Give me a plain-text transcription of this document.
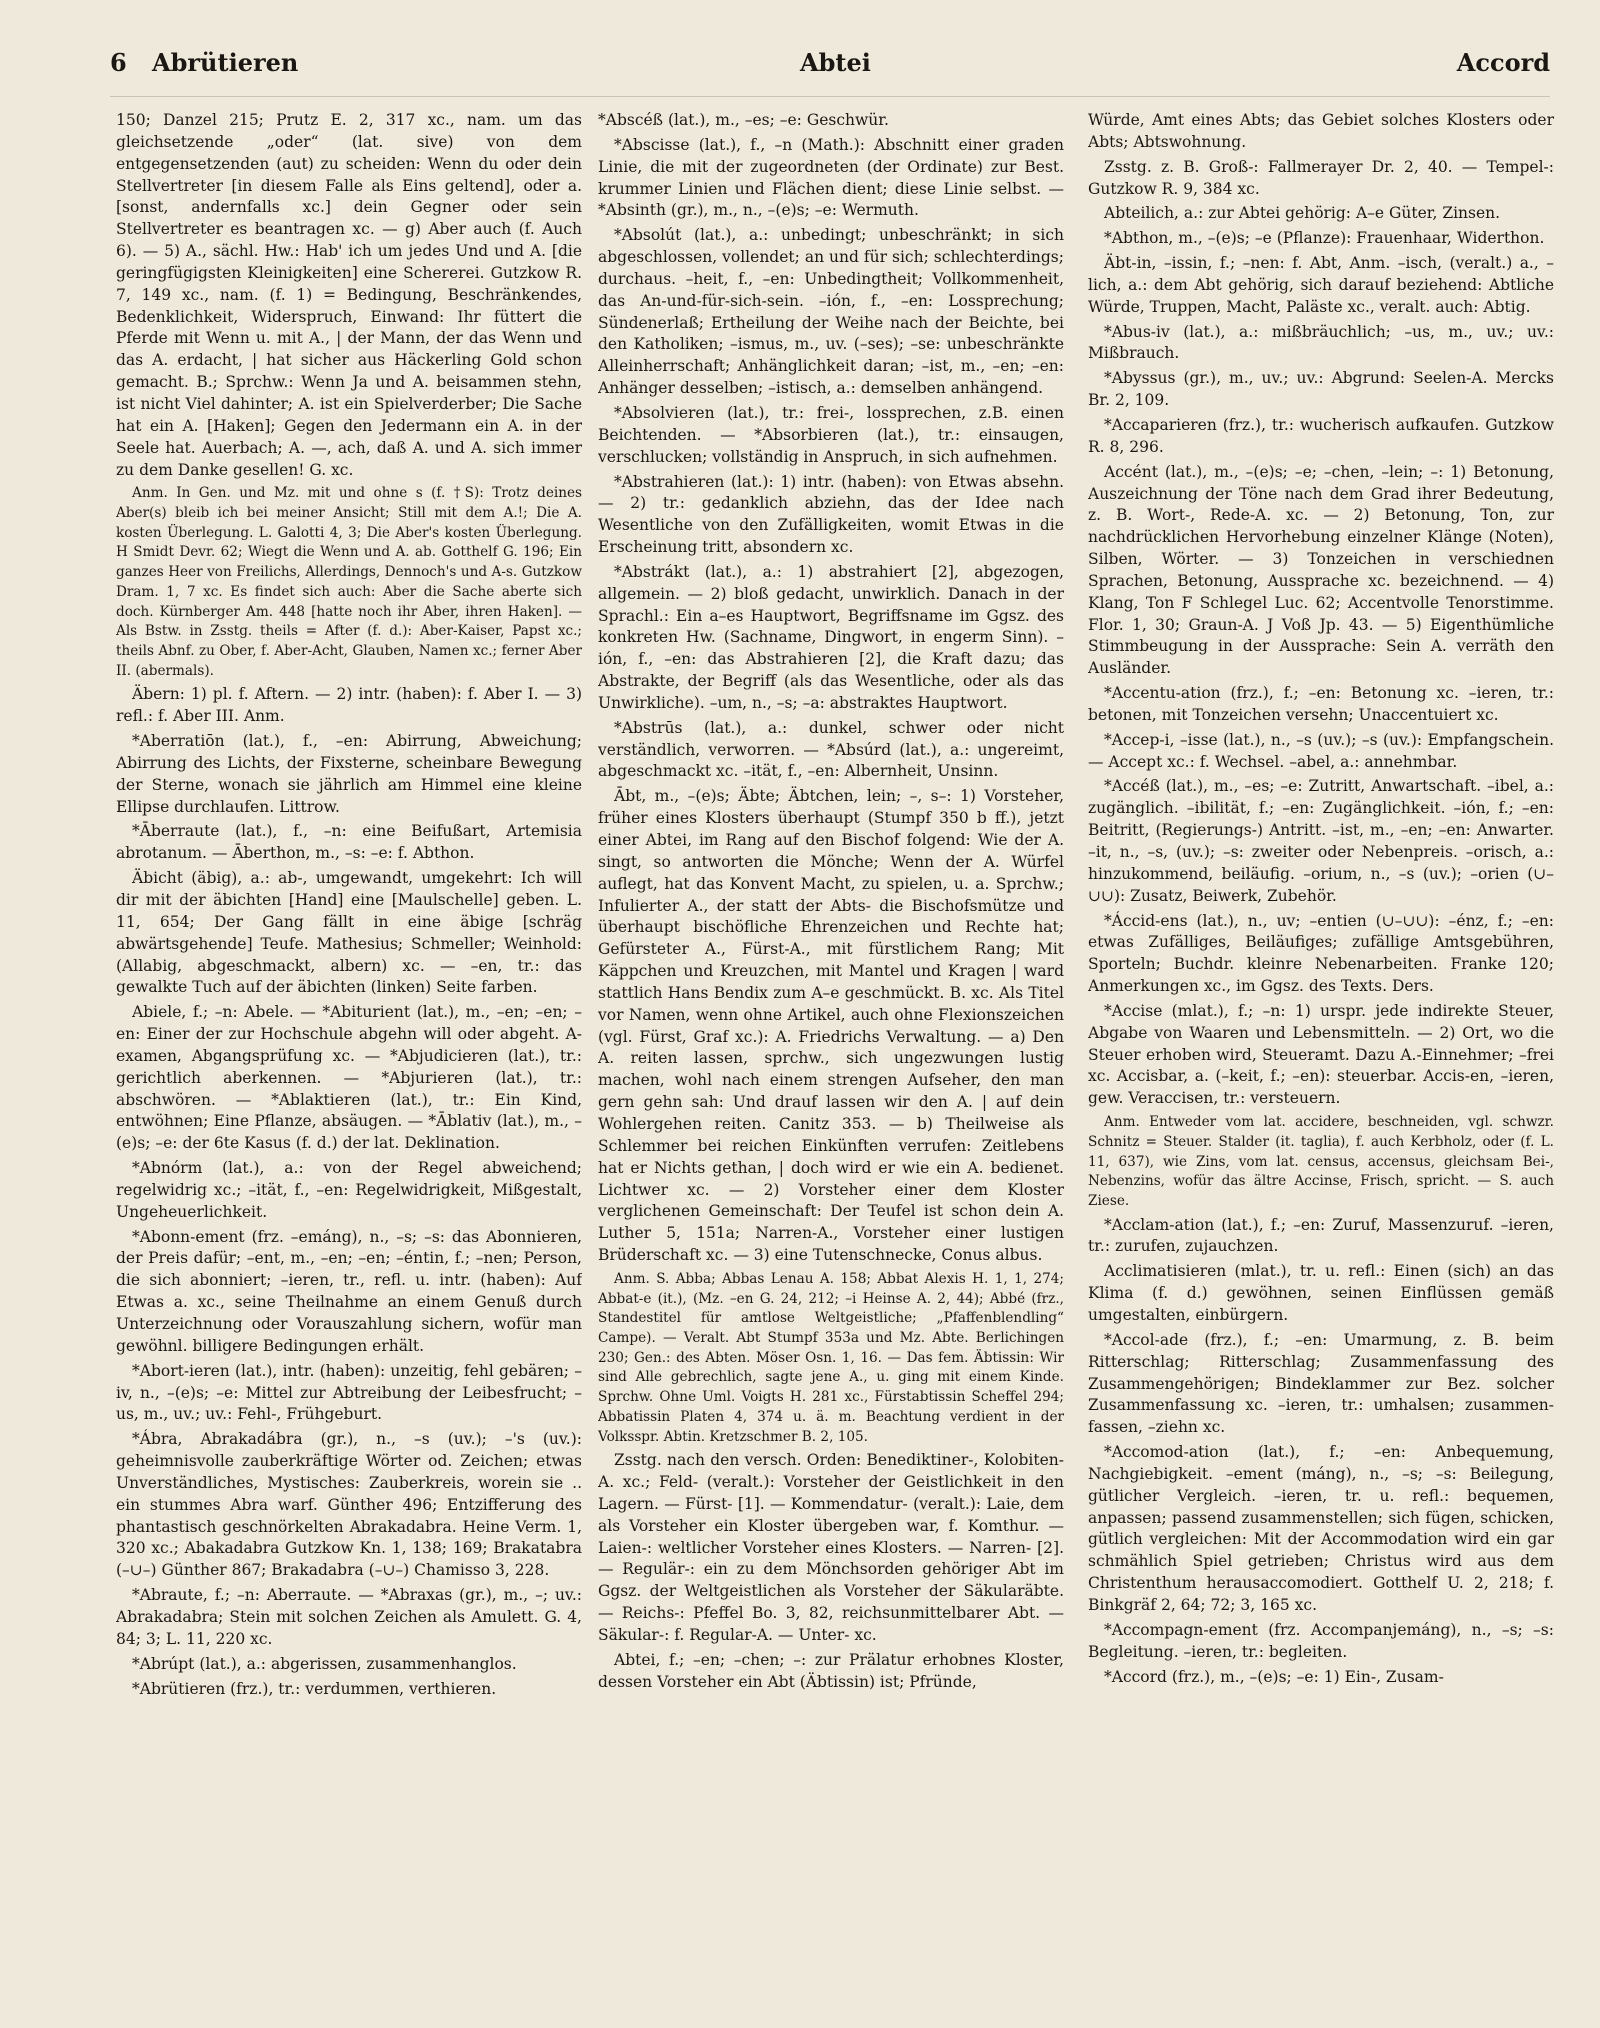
6 Abrütieren	Abtei	Accord

150; Danzel 215; Prutz E. 2, 317 xc., nam. um das gleichsetzende „oder“ (lat. sive) von dem entgegensetzenden (aut) zu scheiden: Wenn du oder dein Stellvertreter [in diesem Falle als Eins geltend], oder a. [sonst, andernfalls xc.] dein Gegner oder sein Stellvertreter es beantragen xc. — g) Aber auch (f. Auch 6). — 5) A., sächl. Hw.: Hab' ich um jedes Und und A. [die geringfügigsten Kleinigkeiten] eine Schererei. Gutzkow R. 7, 149 xc., nam. (f. 1) = Bedingung, Beschränkendes, Bedenklichkeit, Widerspruch, Einwand: Ihr füttert die Pferde mit Wenn u. mit A., | der Mann, der das Wenn und das A. erdacht, | hat sicher aus Häckerling Gold schon gemacht. B.; Sprchw.: Wenn Ja und A. beisammen stehn, ist nicht Viel dahinter; A. ist ein Spielverderber; Die Sache hat ein A. [Haken]; Gegen den Jedermann ein A. in der Seele hat. Auerbach; A. —, ach, daß A. und A. sich immer zu dem Danke gesellen! G. xc.

Anm. In Gen. und Mz. mit und ohne s (f. †S): Trotz deines Aber(s) bleib ich bei meiner Ansicht; Still mit dem A.!; Die A. kosten Überlegung. L. Galotti 4, 3; Die Aber's kosten Überlegung. H Smidt Devr. 62; Wiegt die Wenn und A. ab. Gotthelf G. 196; Ein ganzes Heer von Freilichs, Allerdings, Dennoch's und A-s. Gutzkow Dram. 1, 7 xc. Es findet sich auch: Aber die Sache aberte sich doch. Kürnberger Am. 448 [hatte noch ihr Aber, ihren Haken]. — Als Bstw. in Zsstg. theils = After (f. d.): Aber-Kaiser, Papst xc.; theils Abnf. zu Ober, f. Aber-Acht, Glauben, Namen xc.; ferner Aber II. (abermals).

Äbern: 1) pl. f. Aftern. — 2) intr. (haben): f. Aber I. — 3) refl.: f. Aber III. Anm.

*Aberratiōn (lat.), f., –en: Abirrung, Abweichung; Abirrung des Lichts, der Fixsterne, scheinbare Bewegung der Sterne, wonach sie jährlich am Himmel eine kleine Ellipse durchlaufen. Littrow.

*Āberraute (lat.), f., –n: eine Beifußart, Artemisia abrotanum. — Āberthon, m., –s: –e: f. Abthon.

Äbicht (äbig), a.: ab-, umgewandt, umgekehrt: Ich will dir mit der äbichten [Hand] eine [Maulschelle] geben. L. 11, 654; Der Gang fällt in eine äbige [schräg abwärtsgehende] Teufe. Mathesius; Schmeller; Weinhold: (Allabig, abgeschmackt, albern) xc. — –en, tr.: das gewalkte Tuch auf der äbichten (linken) Seite farben.

Abiele, f.; –n: Abele. — *Abiturient (lat.), m., –en; –en; –en: Einer der zur Hochschule abgehn will oder abgeht. A-examen, Abgangsprüfung xc. — *Abjudicieren (lat.), tr.: gerichtlich aberkennen. — *Abjurieren (lat.), tr.: abschwören. — *Ablaktieren (lat.), tr.: Ein Kind, entwöhnen; Eine Pflanze, absäugen. — *Āblativ (lat.), m., –(e)s; –e: der 6te Kasus (f. d.) der lat. Deklination.

*Abnórm (lat.), a.: von der Regel abweichend; regelwidrig xc.; –ität, f., –en: Regelwidrigkeit, Mißgestalt, Ungeheuerlichkeit.

*Abonn-ement (frz. –emáng), n., –s; –s: das Abonnieren, der Preis dafür; –ent, m., –en; –en; –éntin, f.; –nen; Person, die sich abonniert; –ieren, tr., refl. u. intr. (haben): Auf Etwas a. xc., seine Theilnahme an einem Genuß durch Unterzeichnung oder Vorauszahlung sichern, wofür man gewöhnl. billigere Bedingungen erhält.

*Abort-ieren (lat.), intr. (haben): unzeitig, fehl gebären; –iv, n., –(e)s; –e: Mittel zur Abtreibung der Leibesfrucht; –us, m., uv.; uv.: Fehl-, Frühgeburt.

*Ábra, Abrakadábra (gr.), n., –s (uv.); –'s (uv.): geheimnisvolle zauberkräftige Wörter od. Zeichen; etwas Unverständliches, Mystisches: Zauberkreis, worein sie .. ein stummes Abra warf. Günther 496; Entzifferung des phantastisch geschnörkelten Abrakadabra. Heine Verm. 1, 320 xc.; Abakadabra Gutzkow Kn. 1, 138; 169; Brakatabra (–∪–) Günther 867; Brakadabra (–∪–) Chamisso 3, 228.

*Abraute, f.; –n: Aberraute. — *Abraxas (gr.), m., –; uv.: Abrakadabra; Stein mit solchen Zeichen als Amulett. G. 4, 84; 3; L. 11, 220 xc.

*Abrúpt (lat.), a.: abgerissen, zusammenhanglos.

*Abrütieren (frz.), tr.: verdummen, verthieren.

*Abscéß (lat.), m., –es; –e: Geschwür.

*Abscisse (lat.), f., –n (Math.): Abschnitt einer graden Linie, die mit der zugeordneten (der Ordinate) zur Best. krummer Linien und Flächen dient; diese Linie selbst. — *Absinth (gr.), m., n., –(e)s; –e: Wermuth.

*Absolút (lat.), a.: unbedingt; unbeschränkt; in sich abgeschlossen, vollendet; an und für sich; schlechterdings; durchaus. –heit, f., –en: Unbedingtheit; Vollkommenheit, das An-und-für-sich-sein. –ión, f., –en: Lossprechung; Sündenerlaß; Ertheilung der Weihe nach der Beichte, bei den Katholiken; –ismus, m., uv. (–ses); –se: unbeschränkte Alleinherrschaft; Anhänglichkeit daran; –ist, m., –en; –en: Anhänger desselben; –istisch, a.: demselben anhängend.

*Absolvieren (lat.), tr.: frei-, lossprechen, z.B. einen Beichtenden. — *Absorbieren (lat.), tr.: einsaugen, verschlucken; vollständig in Anspruch, in sich aufnehmen.

*Abstrahieren (lat.): 1) intr. (haben): von Etwas absehn. — 2) tr.: gedanklich abziehn, das der Idee nach Wesentliche von den Zufälligkeiten, womit Etwas in die Erscheinung tritt, absondern xc.

*Abstrákt (lat.), a.: 1) abstrahiert [2], abgezogen, allgemein. — 2) bloß gedacht, unwirklich. Danach in der Sprachl.: Ein a–es Hauptwort, Begriffsname im Ggsz. des konkreten Hw. (Sachname, Dingwort, in engerm Sinn). –ión, f., –en: das Abstrahieren [2], die Kraft dazu; das Abstrakte, der Begriff (als das Wesentliche, oder als das Unwirkliche). –um, n., –s; –a: abstraktes Hauptwort.

*Abstrūs (lat.), a.: dunkel, schwer oder nicht verständlich, verworren. — *Absúrd (lat.), a.: ungereimt, abgeschmackt xc. –ität, f., –en: Albernheit, Unsinn.

Ābt, m., –(e)s; Äbte; Äbtchen, lein; –, s–: 1) Vorsteher, früher eines Klosters überhaupt (Stumpf 350 b ff.), jetzt einer Abtei, im Rang auf den Bischof folgend: Wie der A. singt, so antworten die Mönche; Wenn der A. Würfel auflegt, hat das Konvent Macht, zu spielen, u. a. Sprchw.; Infulierter A., der statt der Abts- die Bischofsmütze und überhaupt bischöfliche Ehrenzeichen und Rechte hat; Gefürsteter A., Fürst-A., mit fürstlichem Rang; Mit Käppchen und Kreuzchen, mit Mantel und Kragen | ward stattlich Hans Bendix zum A–e geschmückt. B. xc. Als Titel vor Namen, wenn ohne Artikel, auch ohne Flexionszeichen (vgl. Fürst, Graf xc.): A. Friedrichs Verwaltung. — a) Den A. reiten lassen, sprchw., sich ungezwungen lustig machen, wohl nach einem strengen Aufseher, den man gern gehn sah: Und drauf lassen wir den A. | auf dein Wohlergehen reiten. Canitz 353. — b) Theilweise als Schlemmer bei reichen Einkünften verrufen: Zeitlebens hat er Nichts gethan, | doch wird er wie ein A. bedienet. Lichtwer xc. — 2) Vorsteher einer dem Kloster verglichenen Gemeinschaft: Der Teufel ist schon dein A. Luther 5, 151a; Narren-A., Vorsteher einer lustigen Brüderschaft xc. — 3) eine Tutenschnecke, Conus albus.

Anm. S. Abba; Abbas Lenau A. 158; Abbat Alexis H. 1, 1, 274; Abbat-e (it.), (Mz. –en G. 24, 212; –i Heinse A. 2, 44); Abbé (frz., Standestitel für amtlose Weltgeistliche; „Pfaffenblendling“ Campe). — Veralt. Abt Stumpf 353a und Mz. Abte. Berlichingen 230; Gen.: des Abten. Möser Osn. 1, 16. — Das fem. Äbtissin: Wir sind Alle gebrechlich, sagte jene A., u. ging mit einem Kinde. Sprchw. Ohne Uml. Voigts H. 281 xc., Fürstabtissin Scheffel 294; Abbatissin Platen 4, 374 u. ä. m. Beachtung verdient in der Volksspr. Abtin. Kretzschmer B. 2, 105.

Zsstg. nach den versch. Orden: Benediktiner-, Kolobiten-A. xc.; Feld- (veralt.): Vorsteher der Geistlichkeit in den Lagern. — Fürst- [1]. — Kommendatur- (veralt.): Laie, dem als Vorsteher ein Kloster übergeben war, f. Komthur. — Laien-: weltlicher Vorsteher eines Klosters. — Narren- [2]. — Regulär-: ein zu dem Mönchsorden gehöriger Abt im Ggsz. der Weltgeistlichen als Vorsteher der Säkularäbte. — Reichs-: Pfeffel Bo. 3, 82, reichsunmittelbarer Abt. — Säkular-: f. Regular-A. — Unter- xc.

Abtei, f.; –en; –chen; –: zur Prälatur erhobnes Kloster, dessen Vorsteher ein Abt (Äbtissin) ist; Pfründe,

Würde, Amt eines Abts; das Gebiet solches Klosters oder Abts; Abtswohnung.

Zsstg. z. B. Groß-: Fallmerayer Dr. 2, 40. — Tempel-: Gutzkow R. 9, 384 xc.

Abteilich, a.: zur Abtei gehörig: A–e Güter, Zinsen.

*Abthon, m., –(e)s; –e (Pflanze): Frauenhaar, Widerthon.

Äbt-in, –issin, f.; –nen: f. Abt, Anm. –isch, (veralt.) a., –lich, a.: dem Abt gehörig, sich darauf beziehend: Abtliche Würde, Truppen, Macht, Paläste xc., veralt. auch: Abtig.

*Abus-iv (lat.), a.: mißbräuchlich; –us, m., uv.; uv.: Mißbrauch.

*Abyssus (gr.), m., uv.; uv.: Abgrund: Seelen-A. Mercks Br. 2, 109.

*Accaparieren (frz.), tr.: wucherisch aufkaufen. Gutzkow R. 8, 296.

Accént (lat.), m., –(e)s; –e; –chen, –lein; –: 1) Betonung, Auszeichnung der Töne nach dem Grad ihrer Bedeutung, z. B. Wort-, Rede-A. xc. — 2) Betonung, Ton, zur nachdrücklichen Hervorhebung einzelner Klänge (Noten), Silben, Wörter. — 3) Tonzeichen in verschiednen Sprachen, Betonung, Aussprache xc. bezeichnend. — 4) Klang, Ton F Schlegel Luc. 62; Accentvolle Tenorstimme. Flor. 1, 30; Graun-A. J Voß Jp. 43. — 5) Eigenthümliche Stimmbeugung in der Aussprache: Sein A. verräth den Ausländer.

*Accentu-ation (frz.), f.; –en: Betonung xc. –ieren, tr.: betonen, mit Tonzeichen versehn; Unaccentuiert xc.

*Accep-i, –isse (lat.), n., –s (uv.); –s (uv.): Empfangschein. — Accept xc.: f. Wechsel. –abel, a.: annehmbar.

*Accéß (lat.), m., –es; –e: Zutritt, Anwartschaft. –ibel, a.: zugänglich. –ibilität, f.; –en: Zugänglichkeit. –ión, f.; –en: Beitritt, (Regierungs-) Antritt. –ist, m., –en; –en: Anwarter. –it, n., –s, (uv.); –s: zweiter oder Nebenpreis. –orisch, a.: hinzukommend, beiläufig. –orium, n., –s (uv.); –orien (∪–∪∪): Zusatz, Beiwerk, Zubehör.

*Áccid-ens (lat.), n., uv; –entien (∪–∪∪): –énz, f.; –en: etwas Zufälliges, Beiläufiges; zufällige Amtsgebühren, Sporteln; Buchdr. kleinre Nebenarbeiten. Franke 120; Anmerkungen xc., im Ggsz. des Texts. Ders.

*Accise (mlat.), f.; –n: 1) urspr. jede indirekte Steuer, Abgabe von Waaren und Lebensmitteln. — 2) Ort, wo die Steuer erhoben wird, Steueramt. Dazu A.-Einnehmer; –frei xc. Accisbar, a. (–keit, f.; –en): steuerbar. Accis-en, –ieren, gew. Veraccisen, tr.: versteuern.

Anm. Entweder vom lat. accidere, beschneiden, vgl. schwzr. Schnitz = Steuer. Stalder (it. taglia), f. auch Kerbholz, oder (f. L. 11, 637), wie Zins, vom lat. census, accensus, gleichsam Bei-, Nebenzins, wofür das ältre Accinse, Frisch, spricht. — S. auch Ziese.

*Acclam-ation (lat.), f.; –en: Zuruf, Massenzuruf. –ieren, tr.: zurufen, zujauchzen.

Acclimatisieren (mlat.), tr. u. refl.: Einen (sich) an das Klima (f. d.) gewöhnen, seinen Einflüssen gemäß umgestalten, einbürgern.

*Accol-ade (frz.), f.; –en: Umarmung, z. B. beim Ritterschlag; Ritterschlag; Zusammenfassung des Zusammengehörigen; Bindeklammer zur Bez. solcher Zusammenfassung xc. –ieren, tr.: umhalsen; zusammen-fassen, –ziehn xc.

*Accomod-ation (lat.), f.; –en: Anbequemung, Nachgiebigkeit. –ement (máng), n., –s; –s: Beilegung, gütlicher Vergleich. –ieren, tr. u. refl.: bequemen, anpassen; passend zusammenstellen; sich fügen, schicken, gütlich vergleichen: Mit der Accommodation wird ein gar schmählich Spiel getrieben; Christus wird aus dem Christenthum herausaccomodiert. Gotthelf U. 2, 218; f. Binkgräf 2, 64; 72; 3, 165 xc.

*Accompagn-ement (frz. Accompanjemáng), n., –s; –s: Begleitung. –ieren, tr.: begleiten.

*Accord (frz.), m., –(e)s; –e: 1) Ein-, Zusam-
